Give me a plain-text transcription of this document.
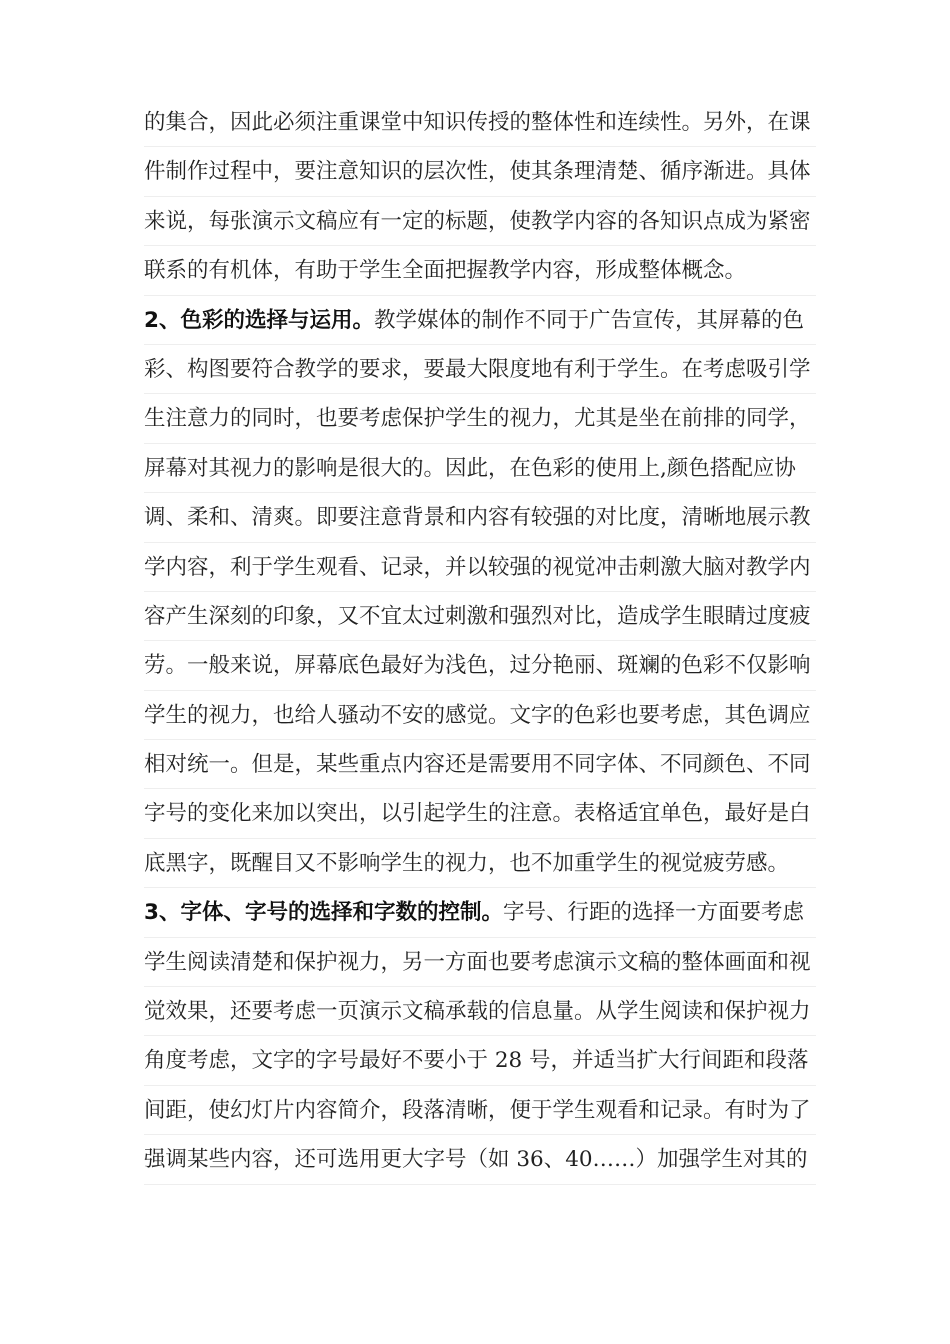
的集合，因此必须注重课堂中知识传授的整体性和连续性。另外，在课
件制作过程中，要注意知识的层次性，使其条理清楚、循序渐进。具体
来说，每张演示文稿应有一定的标题，使教学内容的各知识点成为紧密
联系的有机体，有助于学生全面把握教学内容，形成整体概念。
2、色彩的选择与运用。教学媒体的制作不同于广告宣传，其屏幕的色
彩、构图要符合教学的要求，要最大限度地有利于学生。在考虑吸引学
生注意力的同时，也要考虑保护学生的视力，尤其是坐在前排的同学，
屏幕对其视力的影响是很大的。因此，在色彩的使用上,颜色搭配应协
调、柔和、清爽。即要注意背景和内容有较强的对比度，清晰地展示教
学内容，利于学生观看、记录，并以较强的视觉冲击刺激大脑对教学内
容产生深刻的印象，又不宜太过刺激和强烈对比，造成学生眼睛过度疲
劳。一般来说，屏幕底色最好为浅色，过分艳丽、斑斓的色彩不仅影响
学生的视力，也给人骚动不安的感觉。文字的色彩也要考虑，其色调应
相对统一。但是，某些重点内容还是需要用不同字体、不同颜色、不同
字号的变化来加以突出，以引起学生的注意。表格适宜单色，最好是白
底黑字，既醒目又不影响学生的视力，也不加重学生的视觉疲劳感。
3、字体、字号的选择和字数的控制。字号、行距的选择一方面要考虑
学生阅读清楚和保护视力，另一方面也要考虑演示文稿的整体画面和视
觉效果，还要考虑一页演示文稿承载的信息量。从学生阅读和保护视力
角度考虑，文字的字号最好不要小于 28 号，并适当扩大行间距和段落
间距，使幻灯片内容简介，段落清晰，便于学生观看和记录。有时为了
强调某些内容，还可选用更大字号（如 36、40……）加强学生对其的
